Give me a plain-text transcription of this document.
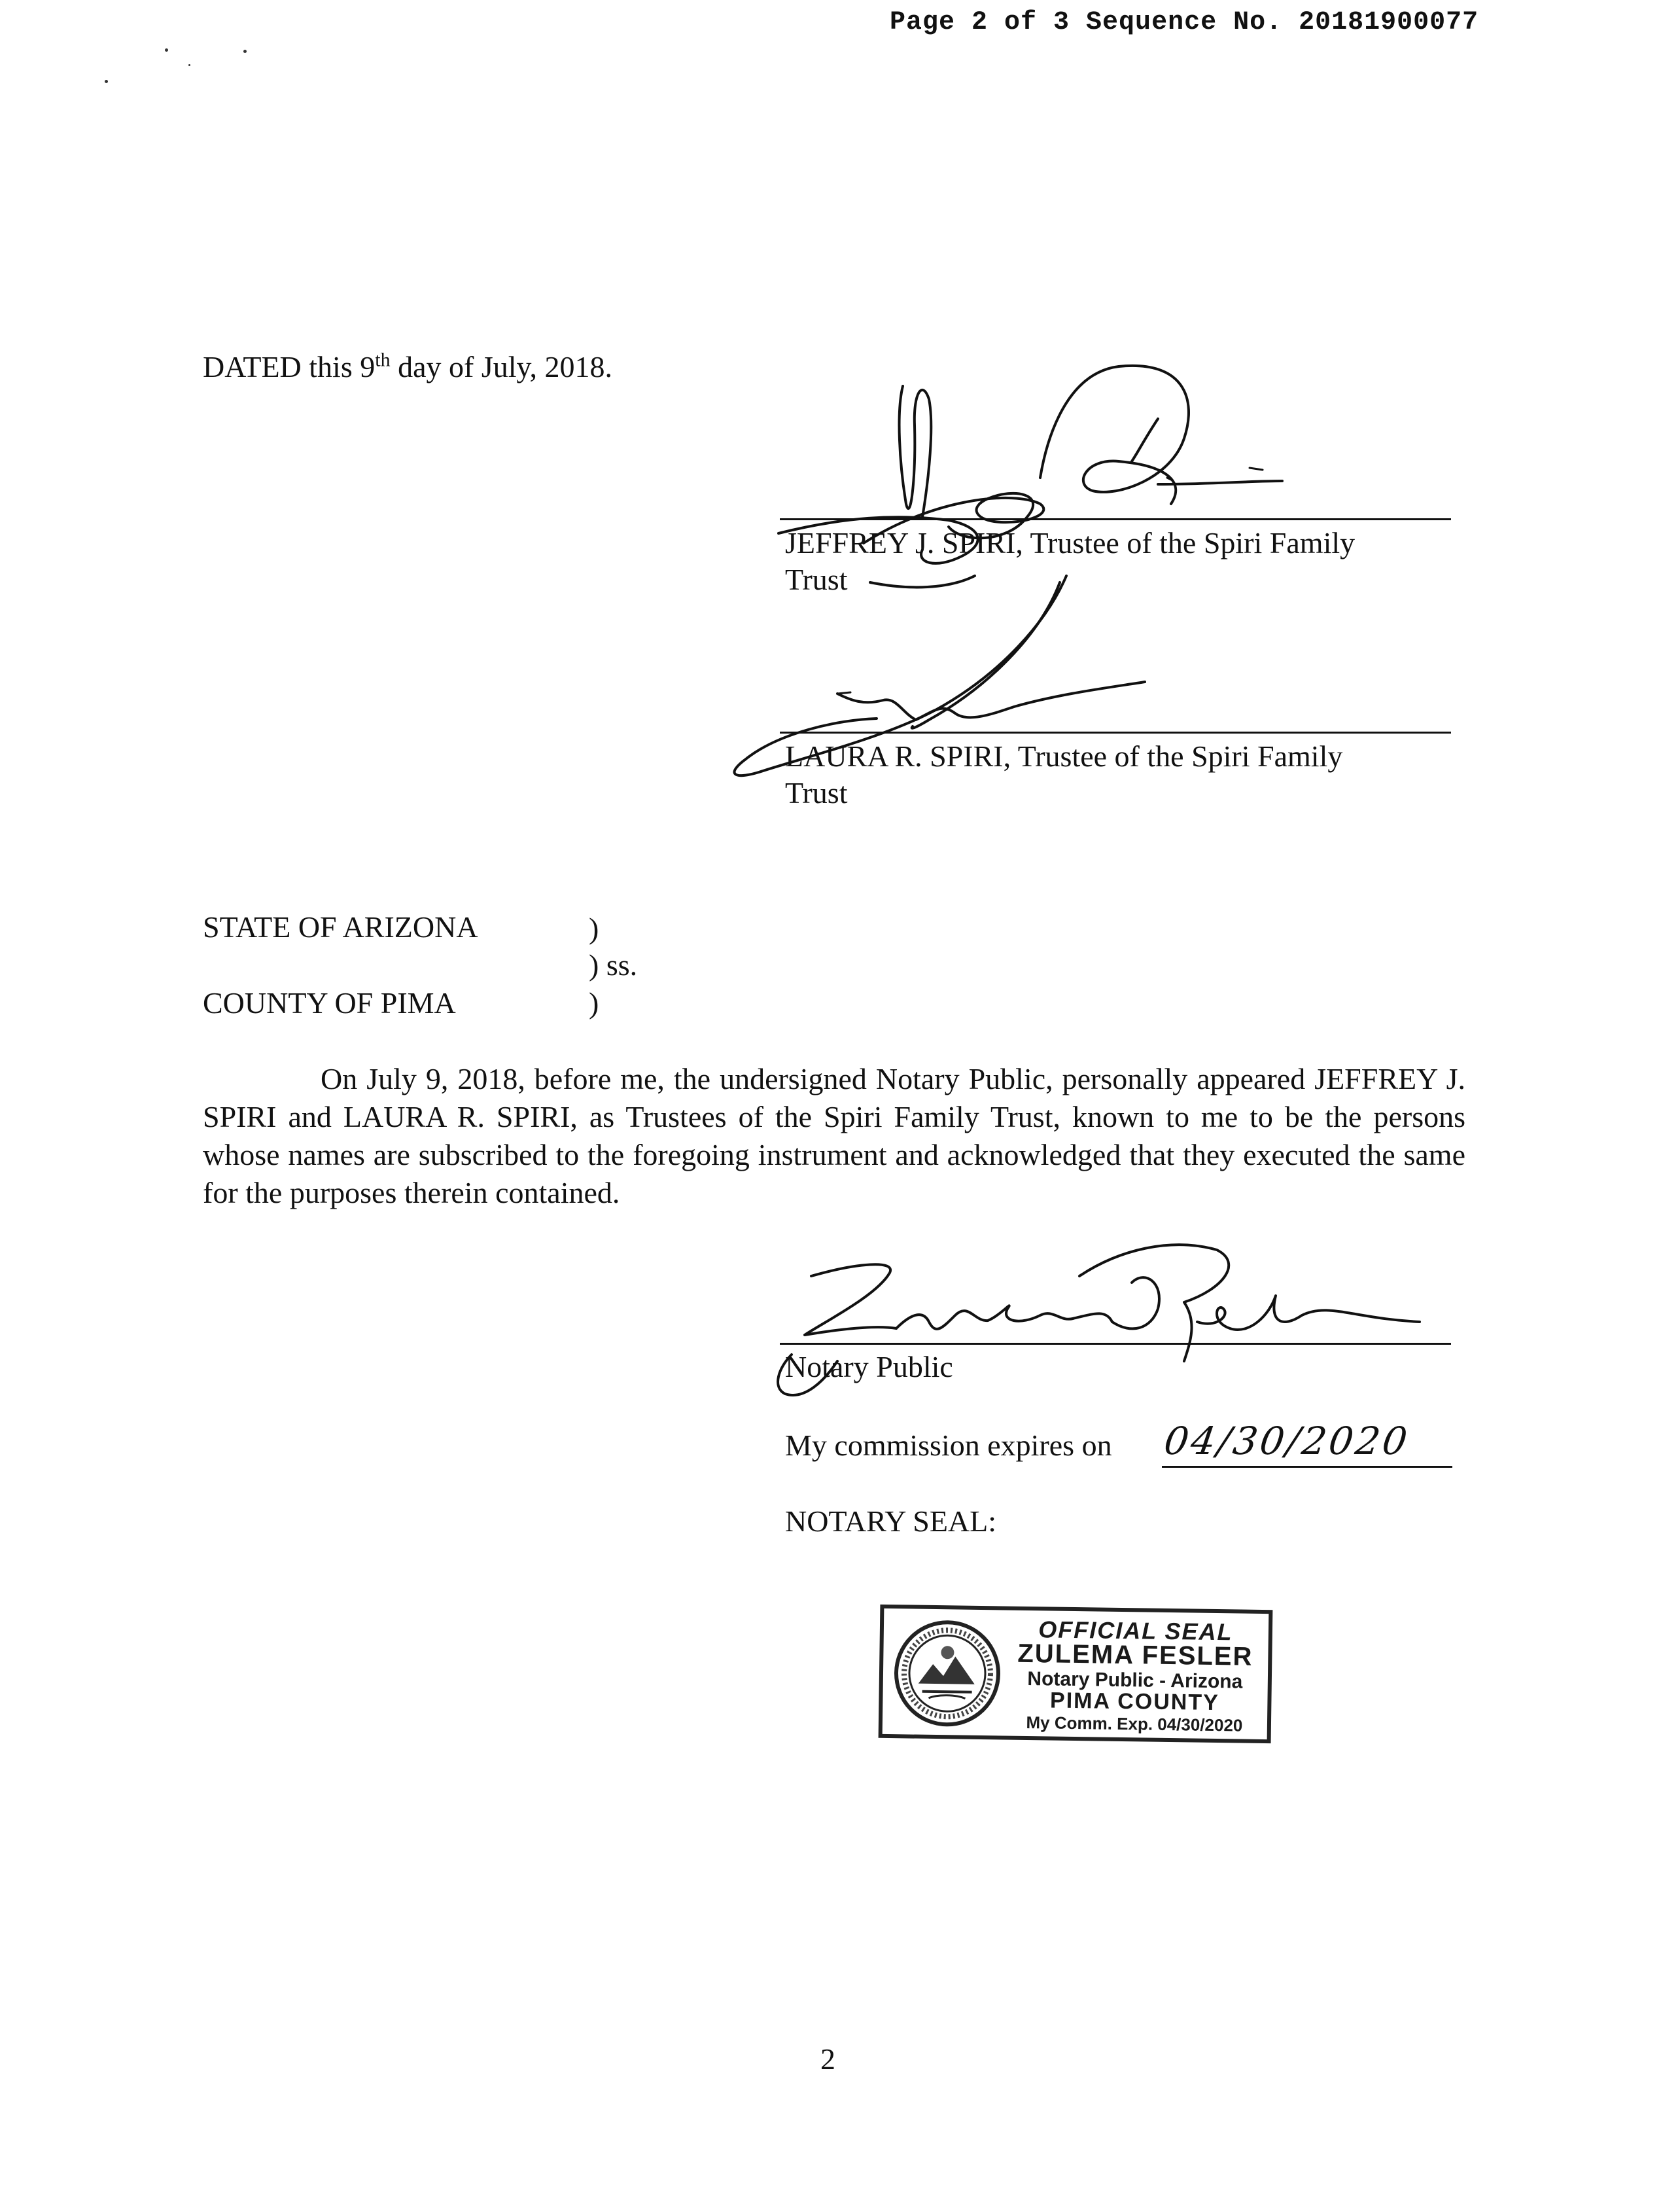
Page 2 of 3 Sequence No. 20181900077
DATED this 9th day of July, 2018.
JEFFREY J. SPIRI, Trustee of the Spiri Family
Trust
LAURA R. SPIRI, Trustee of the Spiri Family
Trust
STATE OF ARIZONA	)
) ss.
COUNTY OF PIMA	)
On July 9, 2018, before me, the undersigned Notary Public, personally appeared JEFFREY J. SPIRI and LAURA R. SPIRI, as Trustees of the Spiri Family Trust, known to me to be the persons whose names are subscribed to the foregoing instrument and acknowledged that they executed the same for the purposes therein contained.
Notary Public
My commission expires on 04/30/2020
NOTARY SEAL:
OFFICIAL SEAL
ZULEMA FESLER
Notary Public - Arizona
PIMA COUNTY
My Comm. Exp. 04/30/2020
2
